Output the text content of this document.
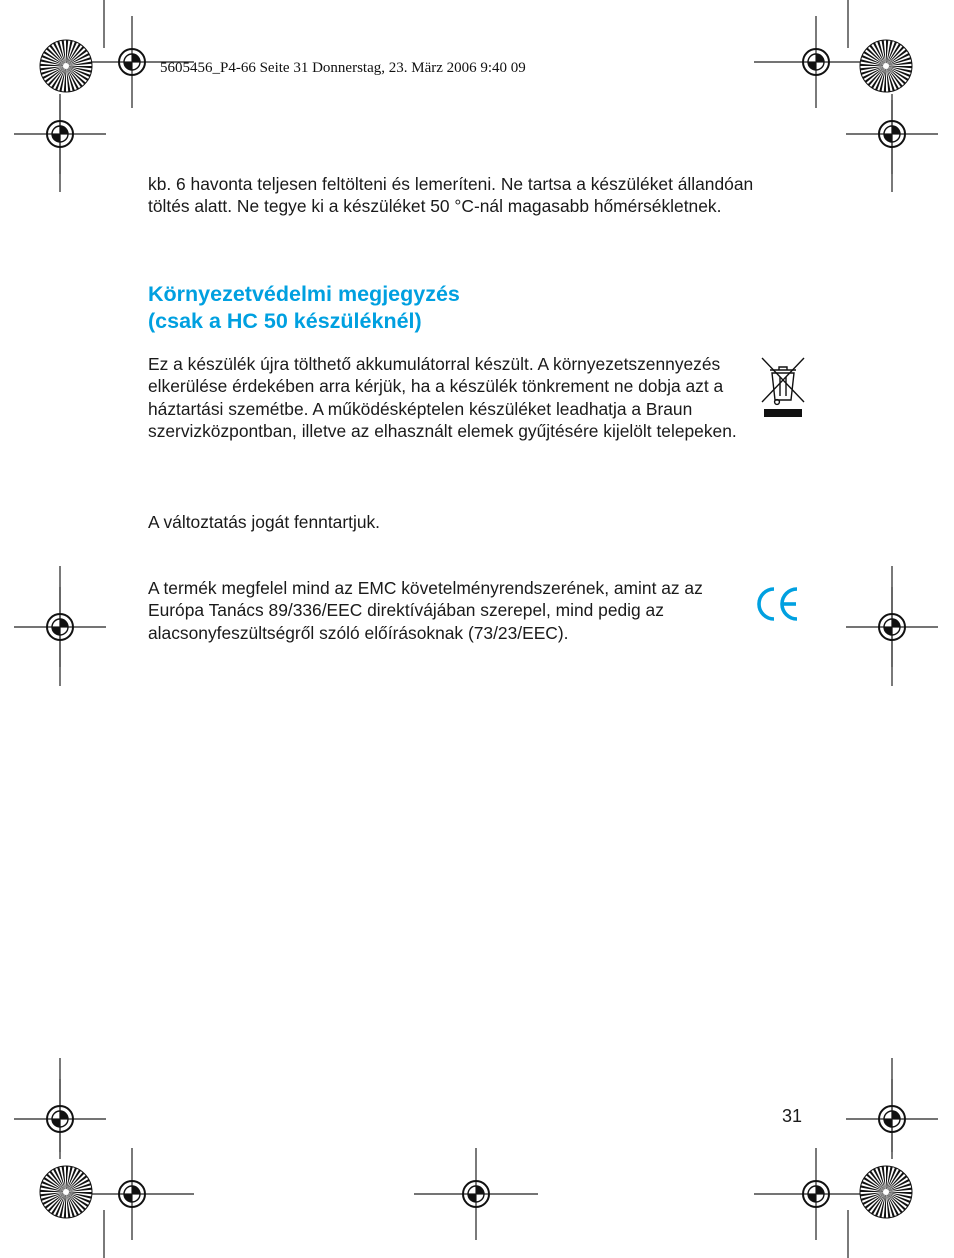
5605456_P4-66 Seite 31 Donnerstag, 23. März 2006 9:40 09

kb. 6 havonta teljesen feltölteni és lemeríteni. Ne tartsa a készüléket állandóan töltés alatt. Ne tegye ki a készüléket 50 °C-nál magasabb hőmérsékletnek.

Környezetvédelmi megjegyzés
(csak a HC 50 készüléknél)

Ez a készülék újra tölthető akkumulátorral készült. A környezetszennyezés elkerülése érdekében arra kérjük, ha a készülék tönkrement ne dobja azt a háztartási szemétbe. A működésképtelen készüléket leadhatja a Braun szervizközpontban, illetve az elhasznált elemek gyűjtésére kijelölt telepeken.

A változtatás jogát fenntartjuk.

A termék megfelel mind az EMC követelményrendszerének, amint az az Európa Tanács 89/336/EEC direktívájában szerepel, mind pedig az alacsonyfeszültségről szóló előírásoknak (73/23/EEC).

31
